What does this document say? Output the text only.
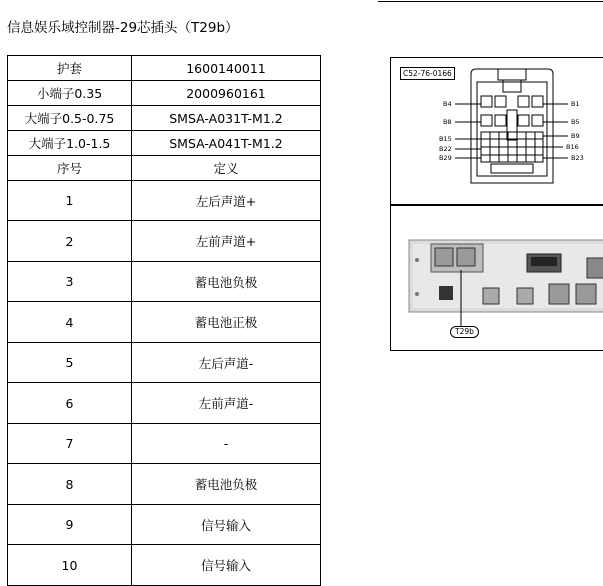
信息娱乐域控制器-29芯插头（T29b）
护套	1600140011
小端子0.35	2000960161
大端子0.5-0.75	SMSA-A031T-M1.2
大端子1.0-1.5	SMSA-A041T-M1.2
序号	定义
1	左后声道+
2	左前声道+
3	蓄电池负极
4	蓄电池正极
5	左后声道-
6	左前声道-
7	-
8	蓄电池负极
9	信号输入
10	信号输入
C52-76-0166
B4
B8
B15
B22
B29
B1
B5
B9
B16
B23
T29b
